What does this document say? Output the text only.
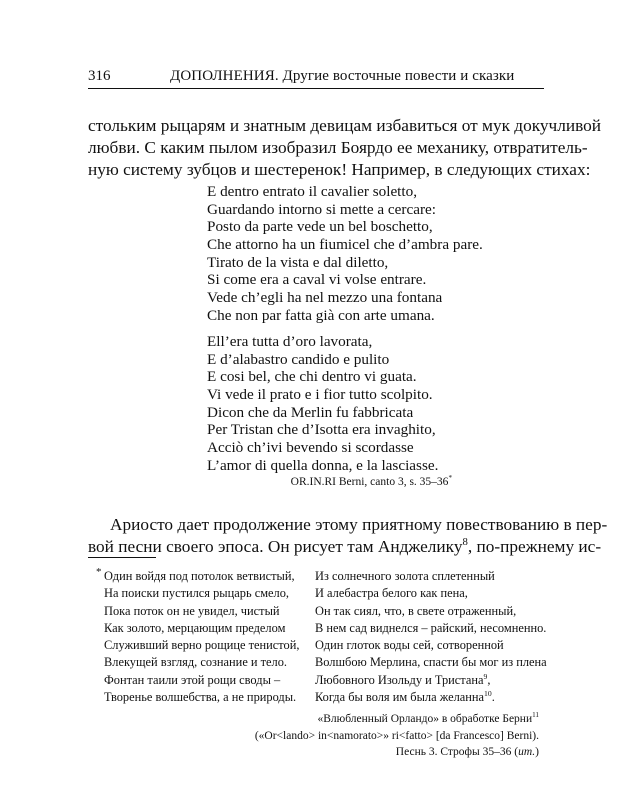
316	ДОПОЛНЕНИЯ. Другие восточные повести и сказки
стольким рыцарям и знатным девицам избавиться от мук докучливой
любви. С каким пылом изобразил Боярдо ее механику, отвратитель-
ную систему зубцов и шестеренок! Например, в следующих стихах:
E dentro entrato il cavalier soletto,
Guardando intorno si mette a cercare:
Posto da parte vede un bel boschetto,
Che attorno ha un fiumicel che d’ambra pare.
Tirato de la vista e dal diletto,
Si come era a caval vi volse entrare.
Vede ch’egli ha nel mezzo una fontana
Che non par fatta già con arte umana.
Ell’era tutta d’oro lavorata,
E d’alabastro candido e pulito
E cosi bel, che chi dentro vi guata.
Vi vede il prato e i fior tutto scolpito.
Dicon che da Merlin fu fabbricata
Per Tristan che d’Isotta era invaghito,
Acciò ch’ivi bevendo si scordasse
L’amor di quella donna, e la lasciasse.
OR.IN.RI Berni, canto 3, s. 35–36*
Ариосто дает продолжение этому приятному повествованию в пер-
вой песни своего эпоса. Он рисует там Анджелику$^8$, по-прежнему ис-
* Один войдя под потолок ветвистый,
На поиски пустился рыцарь смело,
Пока поток он не увидел, чистый
Как золото, мерцающим пределом
Служивший верно рощице тенистой,
Влекущей взгляд, сознание и тело.
Фонтан таили этой рощи своды –
Творенье волшебства, а не природы.
Из солнечного золота сплетенный
И алебастра белого как пена,
Он так сиял, что, в свете отраженный,
В нем сад виднелся – райский, несомненно.
Один глоток воды сей, сотворенной
Волшбою Мерлина, спасти бы мог из плена
Любовного Изольду и Тристана$^9$,
Когда бы воля им была желанна$^{10}$.
«Влюбленный Орландо» в обработке Берни$^{11}$
(«Or<lando> in<namorato>» ri<fatto> [da Francesco] Berni).
Песнь 3. Строфы 35–36 (ит.)
